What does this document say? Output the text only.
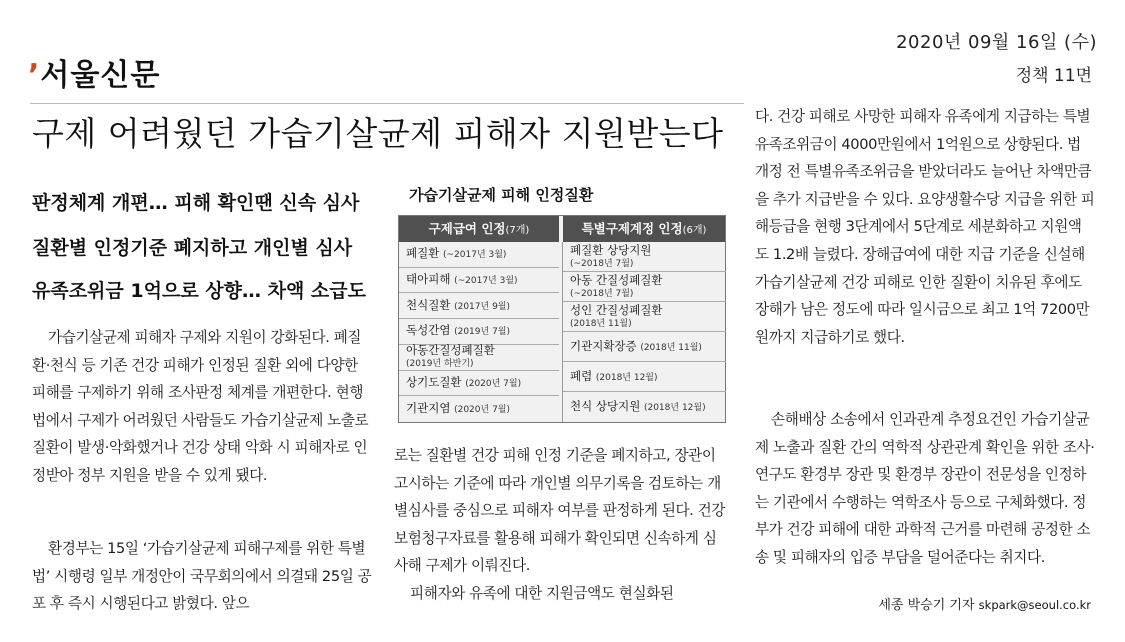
’서울신문
2020년 09월 16일 (수)
정책 11면
구제 어려웠던 가습기살균제 피해자 지원받는다
판정체계 개편… 피해 확인땐 신속 심사
질환별 인정기준 폐지하고 개인별 심사
유족조위금 1억으로 상향… 차액 소급도

가습기살균제 피해자 구제와 지원이 강화된다. 폐질환·천식 등 기존 건강 피해가 인정된 질환 외에 다양한 피해를 구제하기 위해 조사판정 체계를 개편한다. 현행법에서 구제가 어려웠던 사람들도 가습기살균제 노출로 질환이 발생·악화했거나 건강 상태 악화 시 피해자로 인정받아 정부 지원을 받을 수 있게 됐다.

환경부는 15일 ‘가습기살균제 피해구제를 위한 특별법’ 시행령 일부 개정안이 국무회의에서 의결돼 25일 공포 후 즉시 시행된다고 밝혔다. 앞으

가습기살균제 피해 인정질환
구제급여 인정(7개)	특별구제계정 인정(6개)
폐질환 (~2017년 3월)
태아피해 (~2017년 3월)
천식질환 (2017년 9월)
독성간염 (2019년 7월)
아동간질성폐질환
(2019년 하반기)
상기도질환 (2020년 7월)
기관지염 (2020년 7월)
폐질환 상당지원
(~2018년 7월)
아동 간질성폐질환
(~2018년 7월)
성인 간질성폐질환
(2018년 11월)
기관지확장증 (2018년 11월)
폐렴 (2018년 12월)
천식 상당지원 (2018년 12월)

로는 질환별 건강 피해 인정 기준을 폐지하고, 장관이 고시하는 기준에 따라 개인별 의무기록을 검토하는 개별심사를 중심으로 피해자 여부를 판정하게 된다. 건강보험청구자료를 활용해 피해가 확인되면 신속하게 심사해 구제가 이뤄진다.

피해자와 유족에 대한 지원금액도 현실화된

다. 건강 피해로 사망한 피해자 유족에게 지급하는 특별유족조위금이 4000만원에서 1억원으로 상향된다. 법 개정 전 특별유족조위금을 받았더라도 늘어난 차액만큼을 추가 지급받을 수 있다. 요양생활수당 지급을 위한 피해등급을 현행 3단계에서 5단계로 세분화하고 지원액도 1.2배 늘렸다. 장해급여에 대한 지급 기준을 신설해 가습기살균제 건강 피해로 인한 질환이 치유된 후에도 장해가 남은 정도에 따라 일시금으로 최고 1억 7200만원까지 지급하기로 했다.

손해배상 소송에서 인과관계 추정요건인 가습기살균제 노출과 질환 간의 역학적 상관관계 확인을 위한 조사·연구도 환경부 장관 및 환경부 장관이 전문성을 인정하는 기관에서 수행하는 역학조사 등으로 구체화했다. 정부가 건강 피해에 대한 과학적 근거를 마련해 공정한 소송 및 피해자의 입증 부담을 덜어준다는 취지다.

세종 박승기 기자 skpark@seoul.co.kr
